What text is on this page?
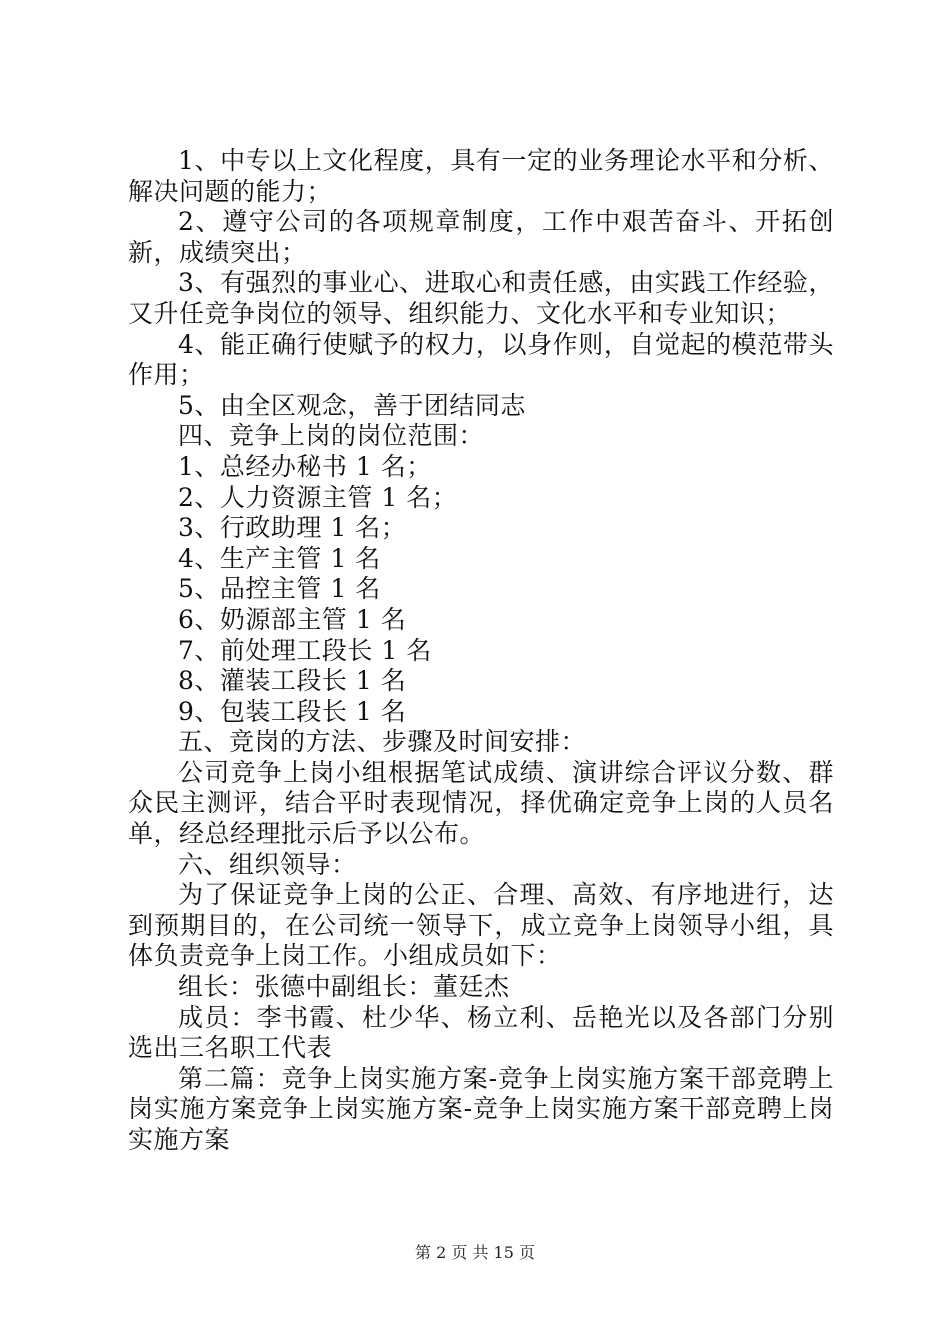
1、中专以上文化程度，具有一定的业务理论水平和分析、解决问题的能力；

2、遵守公司的各项规章制度，工作中艰苦奋斗、开拓创新，成绩突出；

3、有强烈的事业心、进取心和责任感，由实践工作经验，又升任竞争岗位的领导、组织能力、文化水平和专业知识；

4、能正确行使赋予的权力，以身作则，自觉起的模范带头作用；

5、由全区观念，善于团结同志

四、竞争上岗的岗位范围：

1、总经办秘书 1 名；

2、人力资源主管 1 名；

3、行政助理 1 名；

4、生产主管 1 名

5、品控主管 1 名

6、奶源部主管 1 名

7、前处理工段长 1 名

8、灌装工段长 1 名

9、包装工段长 1 名

五、竞岗的方法、步骤及时间安排：

公司竞争上岗小组根据笔试成绩、演讲综合评议分数、群众民主测评，结合平时表现情况，择优确定竞争上岗的人员名单，经总经理批示后予以公布。

六、组织领导：

为了保证竞争上岗的公正、合理、高效、有序地进行，达到预期目的，在公司统一领导下，成立竞争上岗领导小组，具体负责竞争上岗工作。小组成员如下：

组长：张德中副组长：董廷杰

成员：李书霞、杜少华、杨立利、岳艳光以及各部门分别选出三名职工代表

第二篇：竞争上岗实施方案-竞争上岗实施方案干部竞聘上岗实施方案竞争上岗实施方案-竞争上岗实施方案干部竞聘上岗实施方案

第 2 页 共 15 页
